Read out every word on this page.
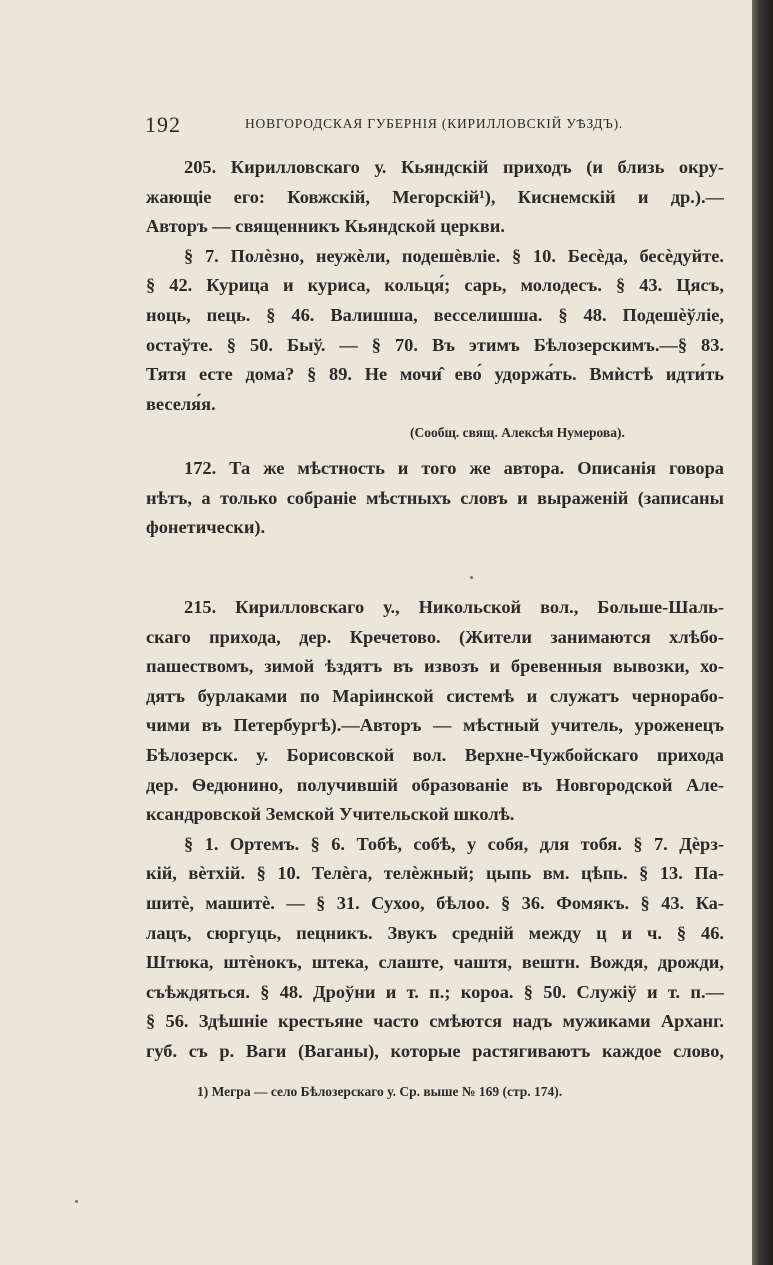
192	НОВГОРОДСКАЯ ГУБЕРНІЯ (КИРИЛЛОВСКІЙ УѢЗДЪ).
205. Кирилловскаго у. Кьяндскій приходъ (и близь окру-
жающіе его: Ковжскій, Мегорскій¹), Киснемскій и др.).—
Авторъ — священникъ Кьяндской церкви.
§ 7. Полѐзно, неужѐли, подешѐвліе. § 10. Бесѐда, бесѐдуйте.
§ 42. Курица и куриса, кольця́; сарь, молодесъ. § 43. Цясъ,
ноць, пець. § 46. Валишша, весселишша. § 48. Подешѐўліе,
остаўте. § 50. Быў. — § 70. Въ этимъ Бѣлозерскимъ.—§ 83.
Тятя есте дома? § 89. Не мочи̂ ево́ удоржа́ть. Вмѝстѣ идти́ть
веселя́я.
(Сообщ. свящ. Алексѣя Нумерова).
172. Та же мѣстность и того же автора. Описанія говора
нѣтъ, а только собраніе мѣстныхъ словъ и выраженій (записаны
фонетически).
215. Кирилловскаго у., Никольской вол., Больше-Шаль-
скаго прихода, дер. Кречетово. (Жители занимаются хлѣбо-
пашествомъ, зимой ѣздятъ въ извозъ и бревенныя вывозки, хо-
дятъ бурлаками по Маріинской системѣ и служатъ чернорабо-
чими въ Петербургѣ).—Авторъ — мѣстный учитель, уроженецъ
Бѣлозерск. у. Борисовской вол. Верхне-Чужбойскаго прихода
дер. Ѳедюнино, получившій образованіе въ Новгородской Але-
ксандровской Земской Учительской школѣ.
§ 1. Ортемъ. § 6. Тобѣ, собѣ, у собя, для тобя. § 7. Дѐрз-
кій, вѐтхій. § 10. Телѐга, телѐжный; цыпь вм. цѣпь. § 13. Па-
шитѐ, машитѐ. — § 31. Сухоо, бѣлоо. § 36. Фомякъ. § 43. Ка-
лацъ, сюргуць, пецникъ. Звукъ средній между ц и ч. § 46.
Штюка, штѐнокъ, штека, слаште, чаштя, вештн. Вождя, дрожди,
съѣждяться. § 48. Дроўни и т. п.; короа. § 50. Служіў и т. п.—
§ 56. Здѣшніе крестьяне часто смѣются надъ мужиками Арханг.
губ. съ р. Ваги (Ваганы), которые растягиваютъ каждое слово,
1) Мегра — село Бѣлозерскаго у. Ср. выше № 169 (стр. 174).
